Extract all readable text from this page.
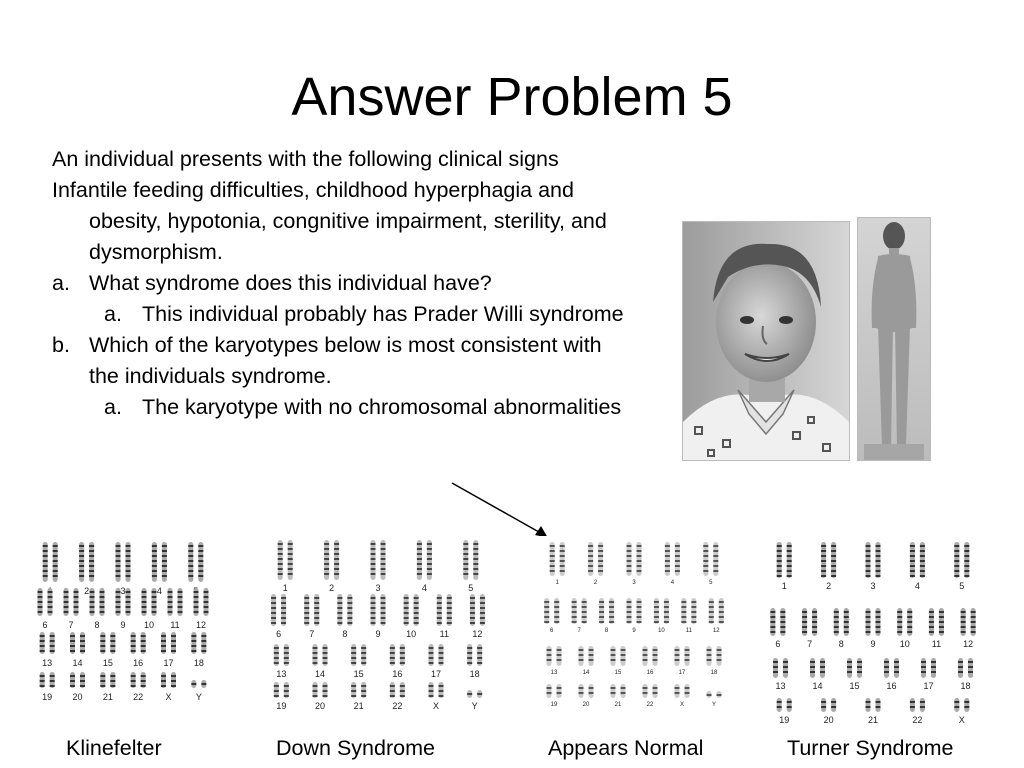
Answer Problem 5
An individual presents with the following clinical signs
Infantile feeding difficulties, childhood hyperphagia and obesity, hypotonia, congnitive impairment, sterility, and dysmorphism.
a. What syndrome does this individual have?
a. This individual probably has Prader Willi syndrome
b. Which of the karyotypes below is most consistent with the individuals syndrome.
a. The karyotype with no chromosomal abnormalities
2	3	4
6 7 8 9 10 11 12
13 14 15 16 17 18
19 20 21 22 X	Y
1	2	3	4	5
6	7	8	9	10	11	12
13	14	15	16	17	18
19	20	21	22	X	Y
1	2	3	4	5
6	7	8	9	10	11	12
13	14	15	16	17	18
19	20	21	22	X	Y
1	2	3	4	5
6	7	8	9	10 11 12
13	14	15	16	17	18
19	20	21	22	X
Klinefelter	Down Syndrome	Appears Normal	Turner Syndrome
